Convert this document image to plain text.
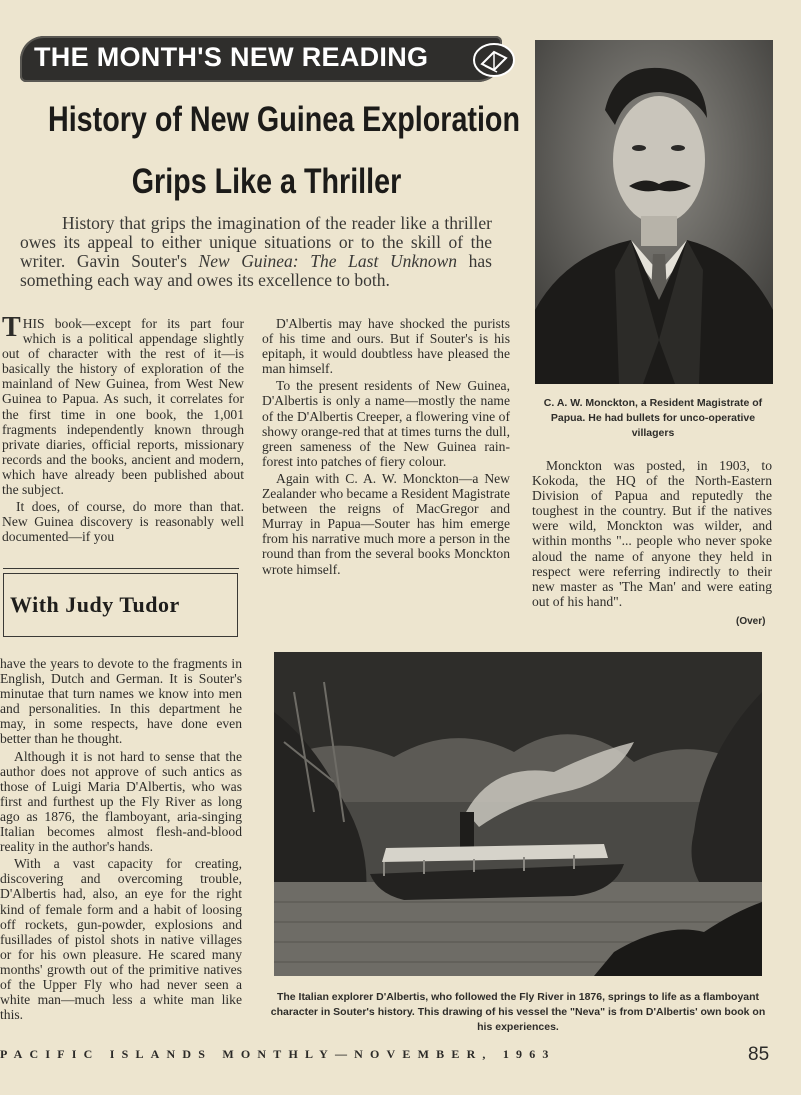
THE MONTH'S NEW READING
History of New Guinea Exploration
Grips Like a Thriller

History that grips the imagination of the reader like a thriller owes its appeal to either unique situations or to the skill of the writer. Gavin Souter's New Guinea: The Last Unknown has something each way and owes its excellence to both.

THIS book—except for its part four which is a political appendage slightly out of character with the rest of it—is basically the history of exploration of the mainland of New Guinea, from West New Guinea to Papua. As such, it correlates for the first time in one book, the 1,001 fragments independently known through private diaries, official reports, missionary records and the books, ancient and modern, which have already been published about the subject.

It does, of course, do more than that. New Guinea discovery is reasonably well documented—if you

With Judy Tudor

have the years to devote to the fragments in English, Dutch and German. It is Souter's minutae that turn names we know into men and personalities. In this department he may, in some respects, have done even better than he thought.

Although it is not hard to sense that the author does not approve of such antics as those of Luigi Maria D'Albertis, who was first and furthest up the Fly River as long ago as 1876, the flamboyant, aria-singing Italian becomes almost flesh-and-blood reality in the author's hands.

With a vast capacity for creating, discovering and overcoming trouble, D'Albertis had, also, an eye for the right kind of female form and a habit of loosing off rockets, gun-powder, explosions and fusillades of pistol shots in native villages or for his own pleasure. He scared many months' growth out of the primitive natives of the Upper Fly who had never seen a white man—much less a white man like this.

D'Albertis may have shocked the purists of his time and ours. But if Souter's is his epitaph, it would doubtless have pleased the man himself.

To the present residents of New Guinea, D'Albertis is only a name—mostly the name of the D'Albertis Creeper, a flowering vine of showy orange-red that at times turns the dull, green sameness of the New Guinea rain-forest into patches of fiery colour.

Again with C. A. W. Monckton—a New Zealander who became a Resident Magistrate between the reigns of MacGregor and Murray in Papua—Souter has him emerge from his narrative much more a person in the round than from the several books Monckton wrote himself.

C. A. W. Monckton, a Resident Magistrate of Papua. He had bullets for unco-operative villagers

Monckton was posted, in 1903, to Kokoda, the HQ of the North-Eastern Division of Papua and reputedly the toughest in the country. But if the natives were wild, Monckton was wilder, and within months "... people who never spoke aloud the name of anyone they held in respect were referring indirectly to their new master as 'The Man' and were eating out of his hand".

(Over)
The Italian explorer D'Albertis, who followed the Fly River in 1876, springs to life as a flamboyant character in Souter's history. This drawing of his vessel the "Neva" is from D'Albertis' own book on his experiences.
PACIFIC ISLANDS MONTHLY—NOVEMBER, 1963	85
